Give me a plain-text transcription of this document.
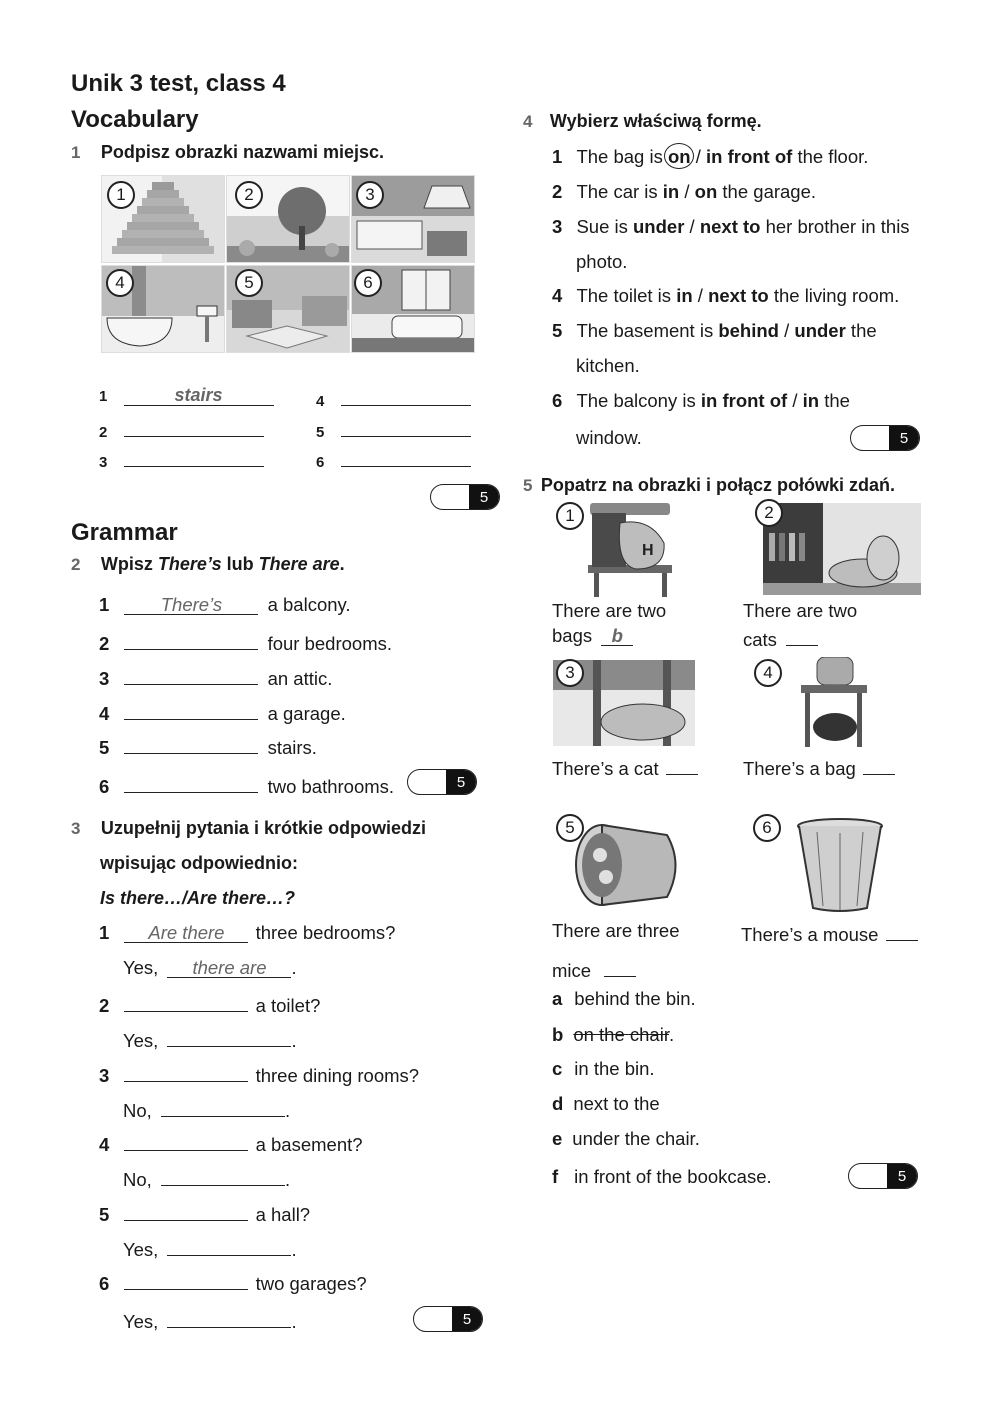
Unik 3 test, class 4
Vocabulary
1 Podpisz obrazki nazwami miejsc.
1	2	3
4	5	6
1	stairs
2
3
4
5
6
5
Grammar
2 Wpisz There’s lub There are.
1	There’s a balcony.
2	four bedrooms.
3	an attic.
4	a garage.
5	stairs.
6	two bathrooms.	5
3 Uzupełnij pytania i krótkie odpowiedzi
wpisując odpowiednio:
Is there…/Are there…?
1 Are there three bedrooms?
Yes, there are .
2	a toilet?
Yes,	.
3	three dining rooms?
No,	.
4	a basement?
No,	.
5	a hall?
Yes,	.
6	two garages?
Yes,	.	5
4 Wybierz właściwą formę.
1 The bag is on
/ in front of the floor.
2 The car is in / on the garage.
3 Sue is under / next to her brother in this
photo.
4 The toilet is in / next to the living room.
5 The basement is behind / under the
kitchen.
6 The balcony is in front of / in the
window.	5
5 Popatrz na obrazki i połącz połówki zdań.
H
1	2
3	4
5	6
There are two
bags b
There are two
cats
There’s a cat	There’s a bag
There are three
mice
There’s a mouse
a behind the bin.
b on the chair.
c in the bin.
d next to the
e under the chair.
f in front of the bookcase.	5
